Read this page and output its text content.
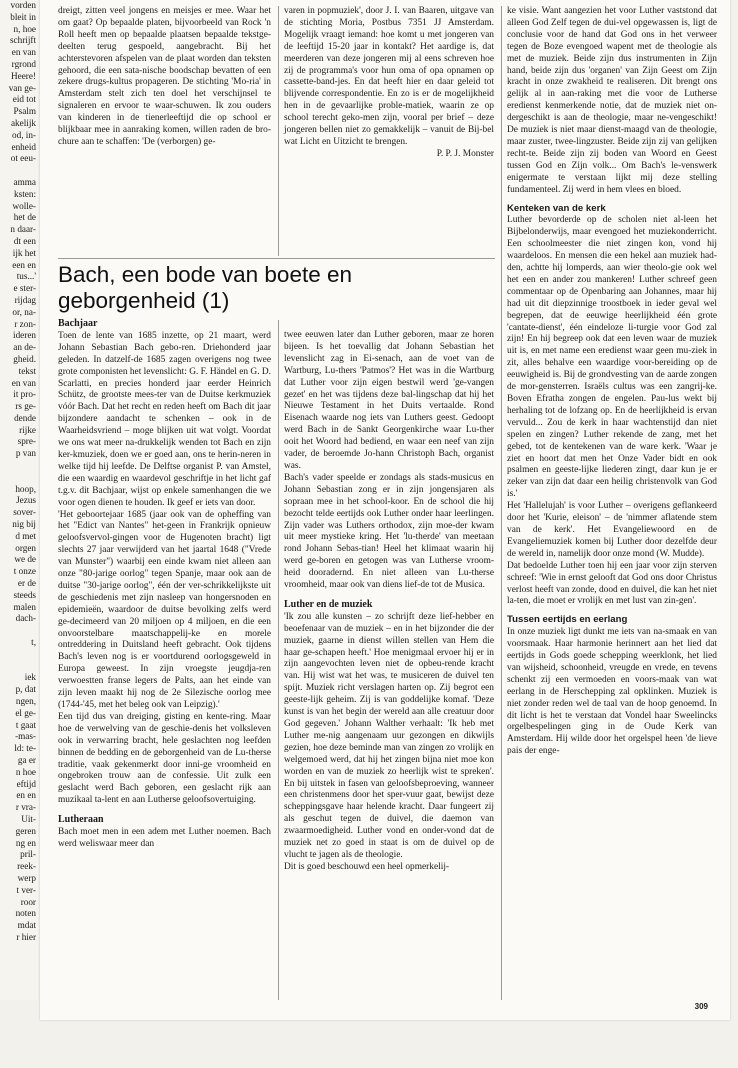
vorden
bleit in
n, hoe
schrijft
en van
rgrond
Heere!
van ge-
eid tot
Psalm
akelijk
od, in-
enheid
ot eeu-

amma
ksten:
wolle-
het de
n daar-
dt een
ijk het
een en
tus...'
e ster-
rijdag
or, na-
r zon-
ideren
an de-
gheid.
tekst
en van
it pro-
rs ge-
dende
rijke
spre-
p van

hoop,
Jezus
sover-
nig bij
d met
orgen
we de
t onze
er de
steeds
malen
dach-

t,

iek
p, dat
ngen,
el ge-
t gaat
-mas-
ld: te-
ga er
n hoe
eftijd
en en
r vra-
Uit-
geren
ng en
pril-
reek-
werp
t ver-
roor
noten
mdat
r hier

dreigt, zitten veel jongens en meisjes er mee. Waar het om gaat? Op bepaalde platen, bijvoorbeeld van Rock 'n Roll heeft men op bepaalde plaatsen bepaalde tekstge-deelten terug gespoeld, aangebracht. Bij het achterstevoren afspelen van de plaat worden dan teksten gehoord, die een sata-nische boodschap bevatten of een zekere drugs-kultus propageren. De stichting 'Mo-ria' in Amsterdam stelt zich ten doel het verschijnsel te signaleren en ervoor te waar-schuwen. Ik zou ouders van kinderen in de tienerleeftijd die op school er blijkbaar mee in aanraking komen, willen raden de bro-chure aan te schaffen: 'De (verborgen) ge-

varen in popmuziek', door J. I. van Baaren, uitgave van de stichting Moria, Postbus 7351 JJ Amsterdam. Mogelijk vraagt iemand: hoe komt u met jongeren van de leeftijd 15-20 jaar in kontakt? Het aardige is, dat meerderen van deze jongeren mij al eens schreven hoe zij de programma's voor hun oma of opa opnamen op cassette-band-jes. En dat heeft hier en daar geleid tot blijvende correspondentie. En zo is er de mogelijkheid hen in de gevaarlijke proble-matiek, waarin ze op school terecht geko-men zijn, vooral per brief – deze jongeren bellen niet zo gemakkelijk – vanuit de Bij-bel wat Licht en Uitzicht te brengen.

P. P. J. Monster
Bach, een bode van boete en geborgenheid (1)
Bachjaar

Toen de lente van 1685 inzette, op 21 maart, werd Johann Sebastian Bach gebo-ren. Driehonderd jaar geleden. In datzelf-de 1685 zagen overigens nog twee grote componisten het levenslicht: G. F. Händel en G. D. Scarlatti, en precies honderd jaar eerder Heinrich Schütz, de grootste mees-ter van de Duitse kerkmuziek vóór Bach. Dat het recht en reden heeft om Bach dit jaar bijzondere aandacht te schenken – ook in de Waarheidsvriend – moge blijken uit wat volgt. Voordat we ons wat meer na-drukkelijk wenden tot Bach en zijn ker-kmuziek, doen we er goed aan, ons te herin-neren in welke tijd hij leefde. De Delftse organist P. van Amstel, die een waardig en waardevol geschriftje in het licht gaf t.g.v. dit Bachjaar, wijst op enkele samenhangen die we voor ogen dienen te houden. Ik geef er iets van door.

'Het geboortejaar 1685 (jaar ook van de opheffing van het "Edict van Nantes" het-geen in Frankrijk opnieuw geloofsvervol-gingen voor de Hugenoten bracht) ligt slechts 27 jaar verwijderd van het jaartal 1648 ("Vrede van Munster") waarbij een einde kwam niet alleen aan onze "80-jarige oorlog" tegen Spanje, maar ook aan de duitse "30-jarige oorlog", één der ver-schrikkelijkste uit de geschiedenis met zijn nasleep van hongersnoden en epidemieën, waardoor de duitse bevolking zelfs werd ge-decimeerd van 20 miljoen op 4 miljoen, en die een onvoorstelbare maatschappelij-ke en morele ontreddering in Duitsland heeft gebracht. Ook tijdens Bach's leven nog is er voortdurend oorlogsgeweld in Europa geweest. In zijn vroegste jeugdja-ren verwoestten franse legers de Palts, aan het einde van zijn leven maakt hij nog de 2e Silezische oorlog mee (1744-'45, met het beleg ook van Leipzig).'

Een tijd dus van dreiging, gisting en kente-ring. Maar hoe de verwelving van de geschie-denis het volksleven ook in verwarring bracht, hele geslachten nog leefden binnen de bedding en de geborgenheid van de Lu-therse traditie, vaak gekenmerkt door inni-ge vroomheid en ongebroken trouw aan de confessie. Uit zulk een geslacht werd Bach geboren, een geslacht rijk aan muzikaal ta-lent en aan Lutherse geloofsovertuiging.

Lutheraan

Bach moet men in een adem met Luther noemen. Bach werd weliswaar meer dan

twee eeuwen later dan Luther geboren, maar ze horen bijeen. Is het toevallig dat Johann Sebastian het levenslicht zag in Ei-senach, aan de voet van de Wartburg, Lu-thers 'Patmos'? Het was in die Wartburg dat Luther voor zijn eigen bestwil werd 'ge-vangen gezet' en het was tijdens deze bal-lingschap dat hij het Nieuwe Testament in het Duits vertaalde. Rond Eisenach waarde nog iets van Luthers geest. Gedoopt werd Bach in de Sankt Georgenkirche waar Lu-ther ooit het Woord had bediend, en waar een neef van zijn vader, de beroemde Jo-hann Christoph Bach, organist was.

Bach's vader speelde er zondags als stads-musicus en Johann Sebastian zong er in zijn jongensjaren als sopraan mee in het school-koor. En de school die hij bezocht telde eertijds ook Luther onder haar leerlingen. Zijn vader was Luthers orthodox, zijn moe-der kwam uit meer mystieke kring. Het 'lu-therde' van meetaan rond Johann Sebas-tian! Heel het klimaat waarin hij werd ge-boren en getogen was van Lutherse vroom-heid dooradernd. En niet alleen van Lu-therse vroomheid, maar ook van diens lief-de tot de Musica.

Luther en de muziek

'Ik zou alle kunsten – zo schrijft deze lief-hebber en beoefenaar van de muziek – en in het bijzonder die der muziek, gaarne in dienst willen stellen van Hem die haar ge-schapen heeft.' Hoe menigmaal ervoer hij er in zijn aangevochten leven niet de opbeu-rende kracht van. Hij wist wat het was, te musiceren de duivel ten spijt. Muziek richt verslagen harten op. Zij begrot een geeste-lijk geheim. Zij is van goddelijke komaf. 'Deze kunst is van het begin der wereld aan alle creatuur door God gegeven.' Johann Walther verhaalt: 'Ik heb met Luther me-nig aangenaam uur gezongen en dikwijls gezien, hoe deze beminde man van zingen zo vrolijk en welgemoed werd, dat hij het zingen bijna niet moe kon worden en van de muziek zo heerlijk wist te spreken'. En bij uitstek in fasen van geloofsbeproeving, wanneer een christenmens door het sper-vuur gaat, bewijst deze scheppingsgave haar helende kracht. Daar fungeert zij als geschut tegen de duivel, die daemon van zwaarmoedigheid. Luther vond en onder-vond dat de muziek net zo goed in staat is om de duivel op de vlucht te jagen als de theologie.

Dit is goed beschouwd een heel opmerkelij-

ke visie. Want aangezien het voor Luther vaststond dat alleen God Zelf tegen de dui-vel opgewassen is, ligt de conclusie voor de hand dat God ons in het verweer tegen de Boze evengoed wapent met de theologie als met de muziek. Beide zijn dus instrumenten in Zijn hand, beide zijn dus 'organen' van Zijn Geest om Zijn kracht in onze zwakheid te realiseren. Dit brengt ons gelijk al in aan-raking met die voor de Lutherse eredienst kenmerkende notie, dat de muziek niet on-dergeschikt is aan de theologie, maar ne-vengeschikt! De muziek is niet maar dienst-maagd van de theologie, maar zuster, twee-lingzuster. Beide zijn zij van gelijken recht-te. Beide zijn zij boden van Woord en Geest tussen God en Zijn volk... Om Bach's le-venswerk enigermate te verstaan lijkt mij deze stelling fundamenteel. Zij werd in hem vlees en bloed.

Kenteken van de kerk

Luther bevorderde op de scholen niet al-leen het Bijbelonderwijs, maar evengoed het muziekonderricht. Een schoolmeester die niet zingen kon, vond hij waardeloos. En mensen die een hekel aan muziek had-den, achtte hij lomperds, aan wier theolo-gie ook wel het een en ander zou mankeren! Luther schreef geen commentaar op de Openbaring aan Johannes, maar hij had uit dit diepzinnige troostboek in ieder geval wel begrepen, dat de eeuwige heerlijkheid één grote 'cantate-dienst', één eindeloze li-turgie voor God zal zijn! En hij begreep ook dat een leven waar de muziek uit is, en met name een eredienst waar geen mu-ziek in zit, alles behalve een waardige voor-bereiding op de eeuwigheid is. Bij de grondvesting van de aarde zongen de mor-gensterren. Israëls cultus was een zangrij-ke. Boven Efratha zongen de engelen. Pau-lus wekt bij herhaling tot de lofzang op. En de heerlijkheid is ervan vervuld... Zou de kerk in haar wachtenstijd dan niet spelen en zingen? Luther rekende de zang, met het gebed, tot de kentekenen van de ware kerk. 'Waar je ziet en hoort dat men het Onze Vader bidt en ook psalmen en geeste-lijke liederen zingt, daar kun je er zeker van zijn dat daar een heilig christenvolk van God is.'

Het 'Hallelujah' is voor Luther – overigens geflankeerd door het 'Kurie, eleison' – de 'nimmer aflatende stem van de kerk'. Het Evangeliewoord en de Evangeliemuziek komen bij Luther door dezelfde deur de wereld in, namelijk door onze mond (W. Mudde).

Dat bedoelde Luther toen hij een jaar voor zijn sterven schreef: 'Wie in ernst gelooft dat God ons door Christus verlost heeft van zonde, dood en duivel, die kan het niet la-ten, die moet er vrolijk en met lust van zin-gen'.

Tussen eertijds en eerlang

In onze muziek ligt dunkt me iets van na-smaak en van voorsmaak. Haar harmonie herinnert aan het lied dat eertijds in Gods goede schepping weerklonk, het lied van wijsheid, schoonheid, vreugde en vrede, en tevens schenkt zij een vermoeden en voors-maak van wat eerlang in de Herschepping zal opklinken. Muziek is niet zonder reden wel de taal van de hoop genoemd. In dit licht is het te verstaan dat Vondel haar Sweelincks orgelbespelingen ging in de Oude Kerk van Amsterdam. Hij wilde door het orgelspel heen 'de lieve pais der enge-

309
